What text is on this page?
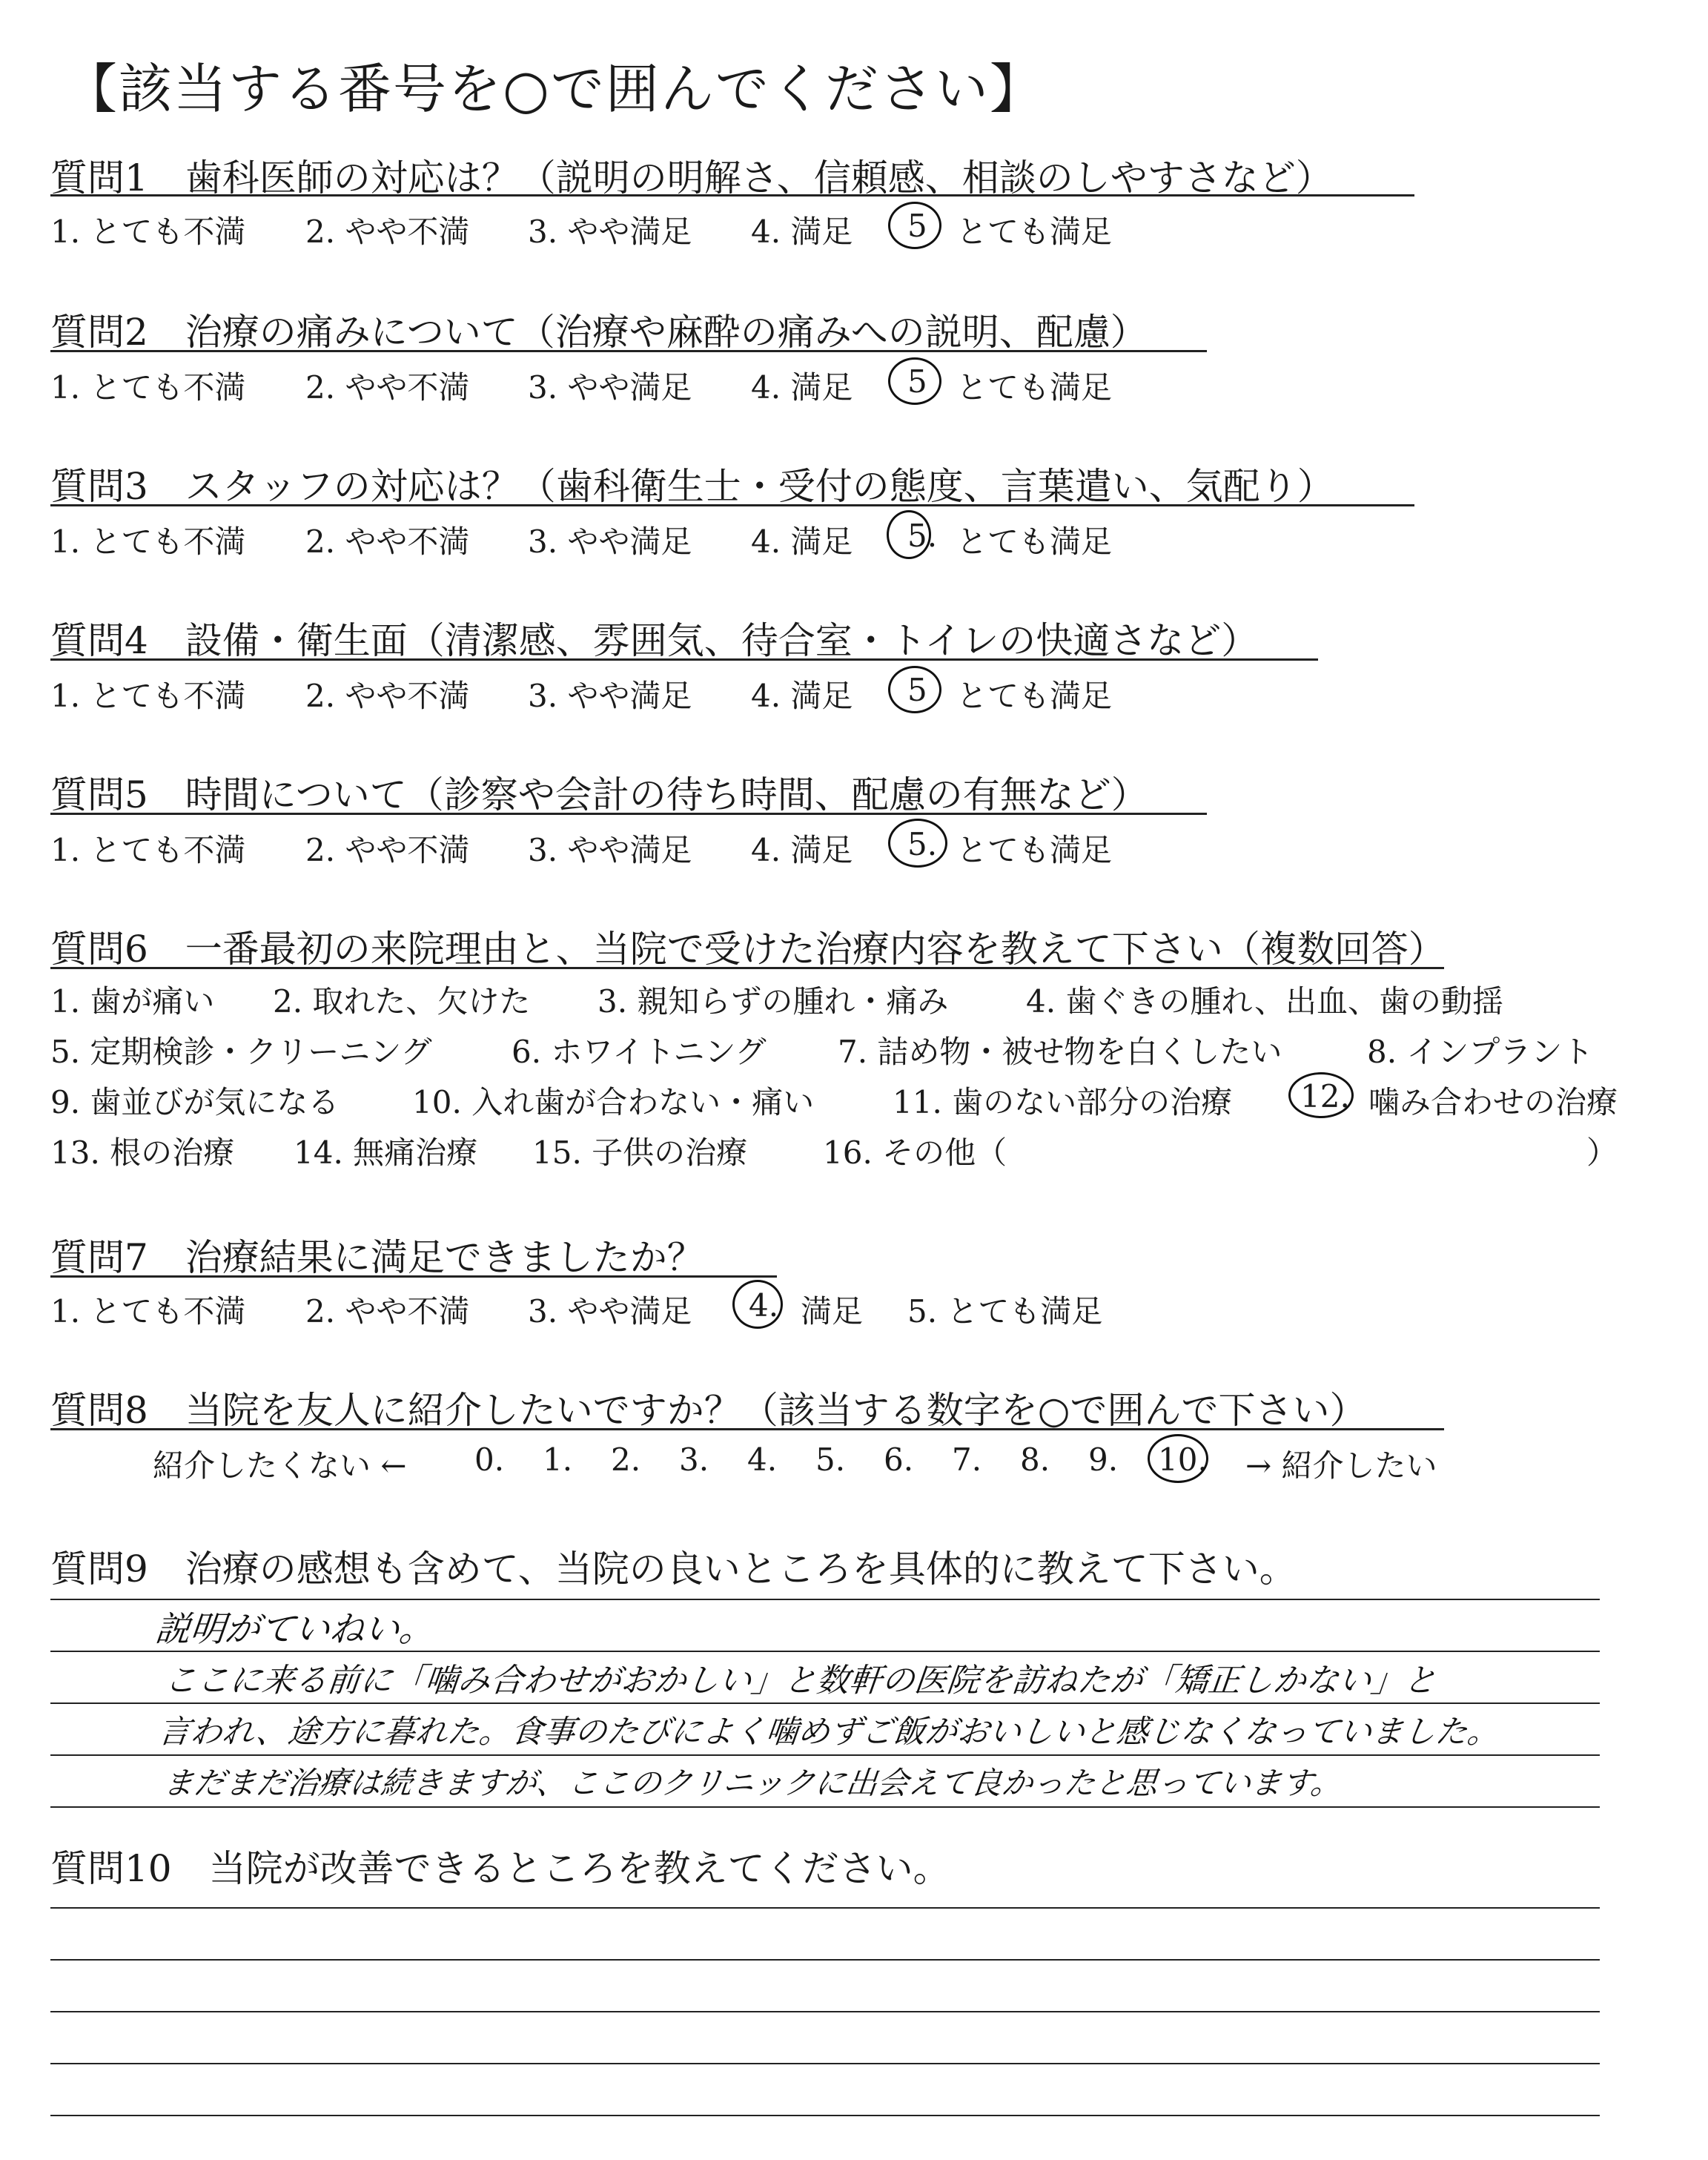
【該当する番号を○で囲んでください】
質問1　歯科医師の対応は？（説明の明解さ、信頼感、相談のしやすさなど）
1. とても不満 2. やや不満 3. やや満足 4. 満足 5 とても満足
質問2　治療の痛みについて（治療や麻酔の痛みへの説明、配慮）
1. とても不満 2. やや不満 3. やや満足 4. 満足 5 とても満足
質問3　スタッフの対応は？（歯科衛生士・受付の態度、言葉遣い、気配り）
1. とても不満 2. やや不満 3. やや満足 4. 満足 5. とても満足
質問4　設備・衛生面（清潔感、雰囲気、待合室・トイレの快適さなど）
1. とても不満 2. やや不満 3. やや満足 4. 満足 5 とても満足
質問5　時間について（診察や会計の待ち時間、配慮の有無など）
1. とても不満 2. やや不満 3. やや満足 4. 満足 5. とても満足
質問6　一番最初の来院理由と、当院で受けた治療内容を教えて下さい（複数回答）
1. 歯が痛い 2. 取れた、欠けた 3. 親知らずの腫れ・痛み 4. 歯ぐきの腫れ、出血、歯の動揺
5. 定期検診・クリーニング	6. ホワイトニング 7. 詰め物・被せ物を白くしたい	8. インプラント
9. 歯並びが気になる 10. 入れ歯が合わない・痛い	11. 歯のない部分の治療 12. 噛み合わせの治療
13. 根の治療 14. 無痛治療 15. 子供の治療 16. その他（	）
質問7　治療結果に満足できましたか？
1. とても不満 2. やや不満 3. やや満足 4. 満足 5. とても満足
質問8　当院を友人に紹介したいですか？（該当する数字を○で囲んで下さい）
紹介したくない ← 0. 1. 2. 3. 4. 5. 6. 7. 8. 9. 10. → 紹介したい
質問9　治療の感想も含めて、当院の良いところを具体的に教えて下さい。
説明がていねい。
ここに来る前に「噛み合わせがおかしい」と数軒の医院を訪ねたが「矯正しかない」と
言われ、途方に暮れた。食事のたびによく噛めずご飯がおいしいと感じなくなっていました。
まだまだ治療は続きますが、ここのクリニックに出会えて良かったと思っています。
質問10　当院が改善できるところを教えてください。
